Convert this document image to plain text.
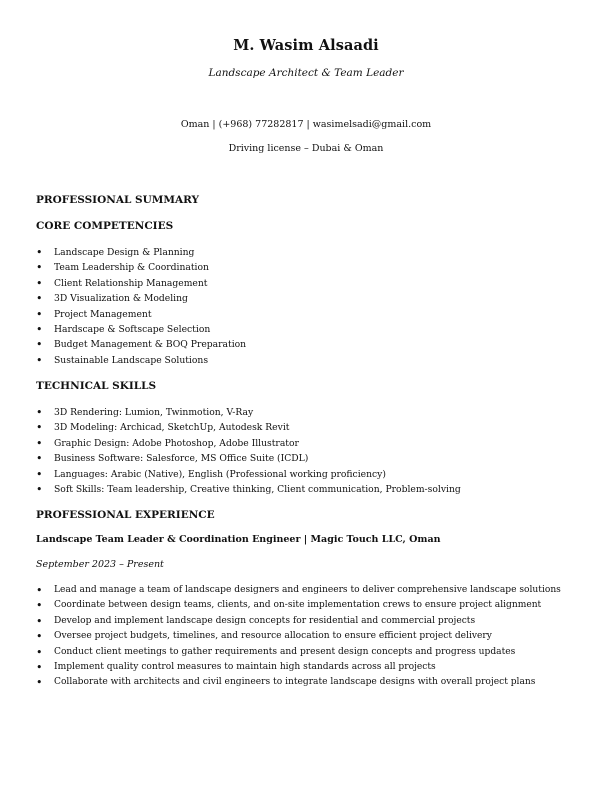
M. Wasim Alsaadi
Landscape Architect & Team Leader
Oman | (+968) 77282817 | wasimelsadi@gmail.com
Driving license – Dubai & Oman
PROFESSIONAL SUMMARY
CORE COMPETENCIES
• Landscape Design & Planning
• Team Leadership & Coordination
• Client Relationship Management
• 3D Visualization & Modeling
• Project Management
• Hardscape & Softscape Selection
• Budget Management & BOQ Preparation
• Sustainable Landscape Solutions
TECHNICAL SKILLS
• 3D Rendering: Lumion, Twinmotion, V-Ray
• 3D Modeling: Archicad, SketchUp, Autodesk Revit
• Graphic Design: Adobe Photoshop, Adobe Illustrator
• Business Software: Salesforce, MS Office Suite (ICDL)
• Languages: Arabic (Native), English (Professional working proficiency)
• Soft Skills: Team leadership, Creative thinking, Client communication, Problem-solving
PROFESSIONAL EXPERIENCE
Landscape Team Leader & Coordination Engineer | Magic Touch LLC, Oman
September 2023 – Present
• Lead and manage a team of landscape designers and engineers to deliver comprehensive landscape solutions
• Coordinate between design teams, clients, and on-site implementation crews to ensure project alignment
• Develop and implement landscape design concepts for residential and commercial projects
• Oversee project budgets, timelines, and resource allocation to ensure efficient project delivery
• Conduct client meetings to gather requirements and present design concepts and progress updates
• Implement quality control measures to maintain high standards across all projects
• Collaborate with architects and civil engineers to integrate landscape designs with overall project plans
